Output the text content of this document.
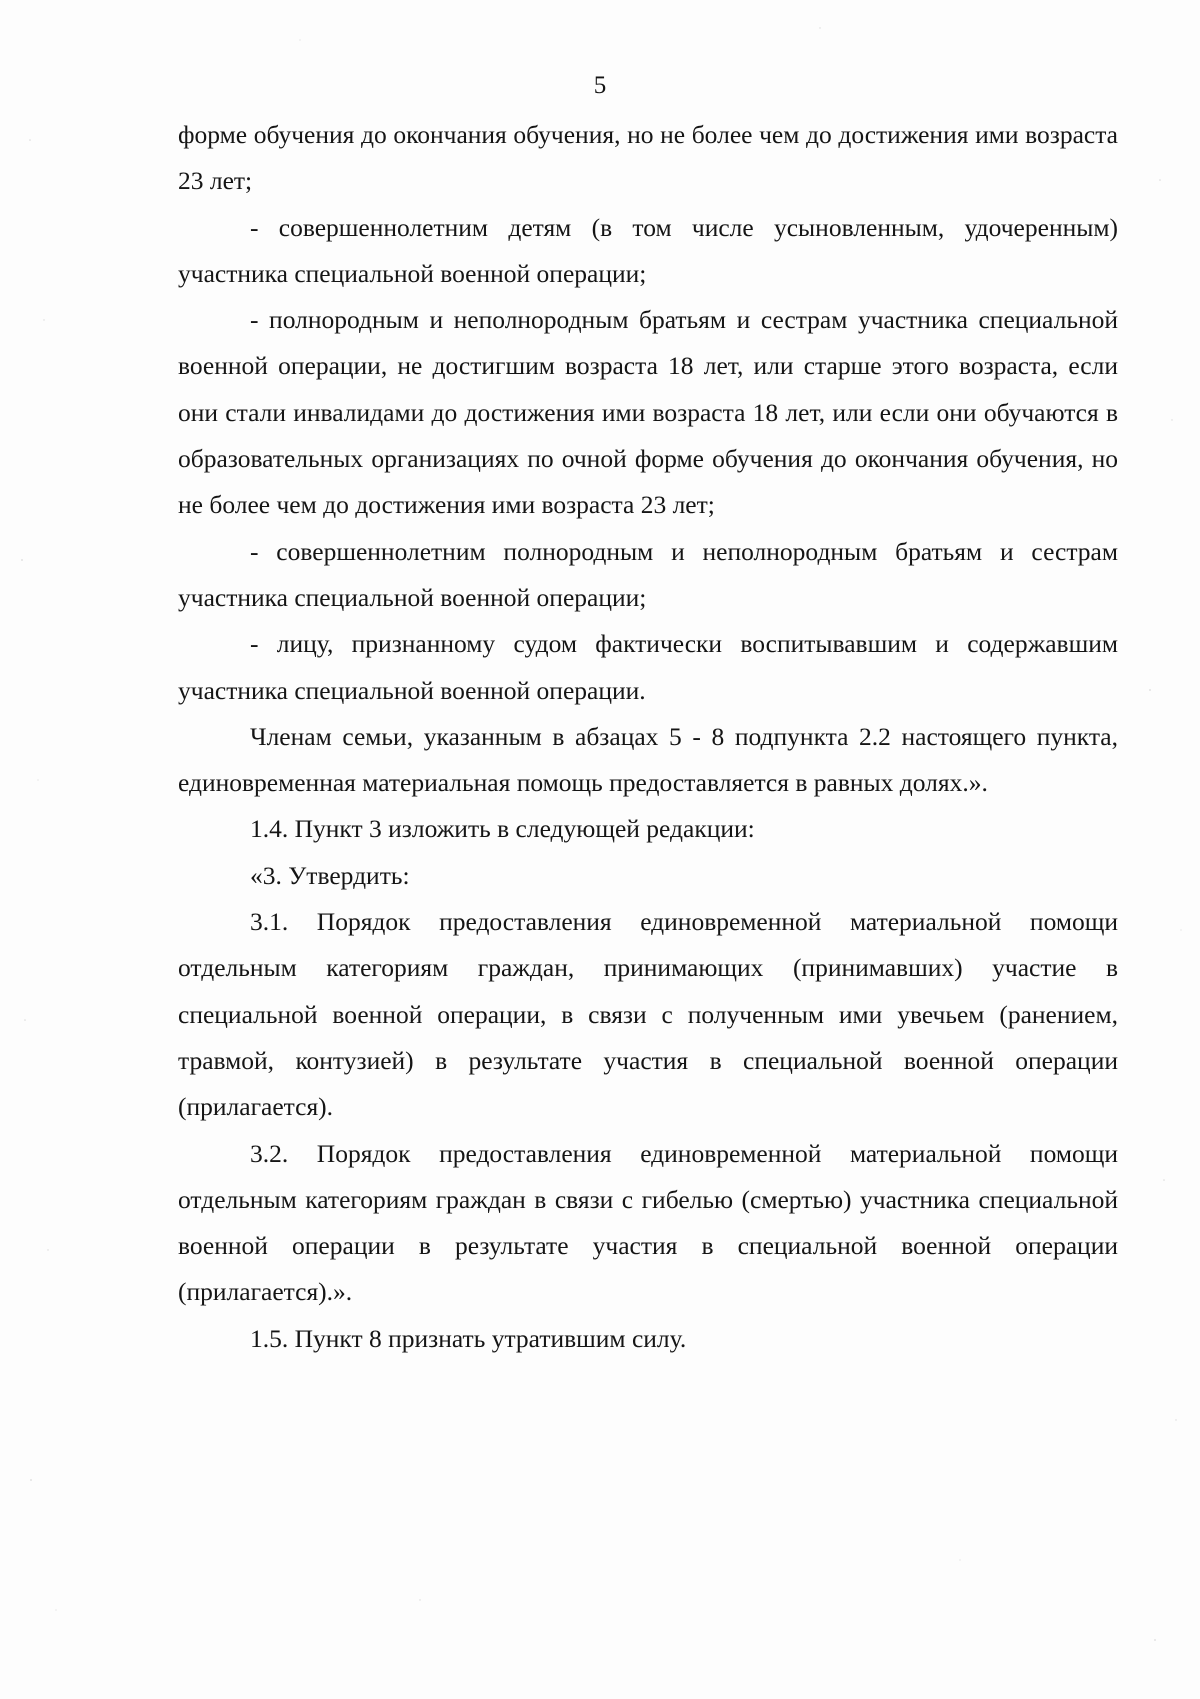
5

форме обучения до окончания обучения, но не более чем до достижения ими возраста 23 лет;

- совершеннолетним детям (в том числе усыновленным, удочеренным) участника специальной военной операции;

- полнородным и неполнородным братьям и сестрам участника специальной военной операции, не достигшим возраста 18 лет, или старше этого возраста, если они стали инвалидами до достижения ими возраста 18 лет, или если они обучаются в образовательных организациях по очной форме обучения до окончания обучения, но не более чем до достижения ими возраста 23 лет;

- совершеннолетним полнородным и неполнородным братьям и сестрам участника специальной военной операции;

- лицу, признанному судом фактически воспитывавшим и содержавшим участника специальной военной операции.

Членам семьи, указанным в абзацах 5 - 8 подпункта 2.2 настоящего пункта, единовременная материальная помощь предоставляется в равных долях.».

1.4. Пункт 3 изложить в следующей редакции:

«3. Утвердить:

3.1. Порядок предоставления единовременной материальной помощи отдельным категориям граждан, принимающих (принимавших) участие в специальной военной операции, в связи с полученным ими увечьем (ранением, травмой, контузией) в результате участия в специальной военной операции (прилагается).

3.2. Порядок предоставления единовременной материальной помощи отдельным категориям граждан в связи с гибелью (смертью) участника специальной военной операции в результате участия в специальной военной операции (прилагается).».

1.5. Пункт 8 признать утратившим силу.
